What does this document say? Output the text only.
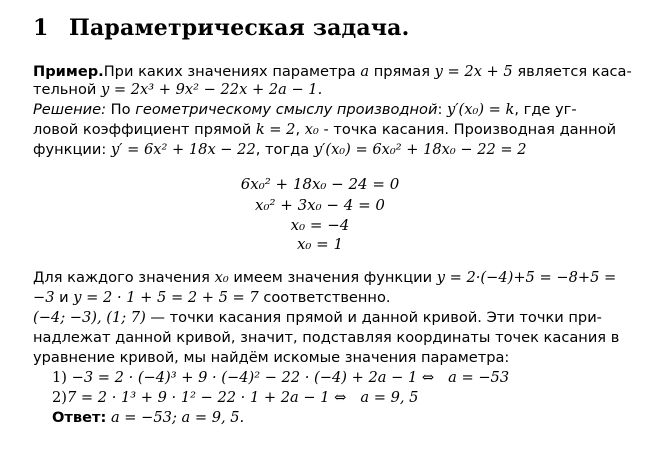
1 Параметрическая задача.
Пример.При каких значениях параметра a прямая y = 2x + 5 является каса-
тельной y = 2x³ + 9x² − 22x + 2a − 1.
Решение: По геометрическому смыслу производной: y′(x₀) = k, где уг-
ловой коэффициент прямой k = 2, x₀ - точка касания. Производная данной
функции: y′ = 6x² + 18x − 22, тогда y′(x₀) = 6x₀² + 18x₀ − 22 = 2
6x₀² + 18x₀ − 24 = 0
x₀² + 3x₀ − 4 = 0
x₀ = −4
x₀ = 1
Для каждого значения x₀ имеем значения функции y = 2·(−4)+5 = −8+5 =
−3 и y = 2 · 1 + 5 = 2 + 5 = 7 соответственно.
(−4; −3), (1; 7) — точки касания прямой и данной кривой. Эти точки при-
надлежат данной кривой, значит, подставляя координаты точек касания в
уравнение кривой, мы найдём искомые значения параметра:
1) −3 = 2 · (−4)³ + 9 · (−4)² − 22 · (−4) + 2a − 1 ⇔ a = −53
2)7 = 2 · 1³ + 9 · 1² − 22 · 1 + 2a − 1 ⇔ a = 9, 5
Ответ: a = −53; a = 9, 5.
